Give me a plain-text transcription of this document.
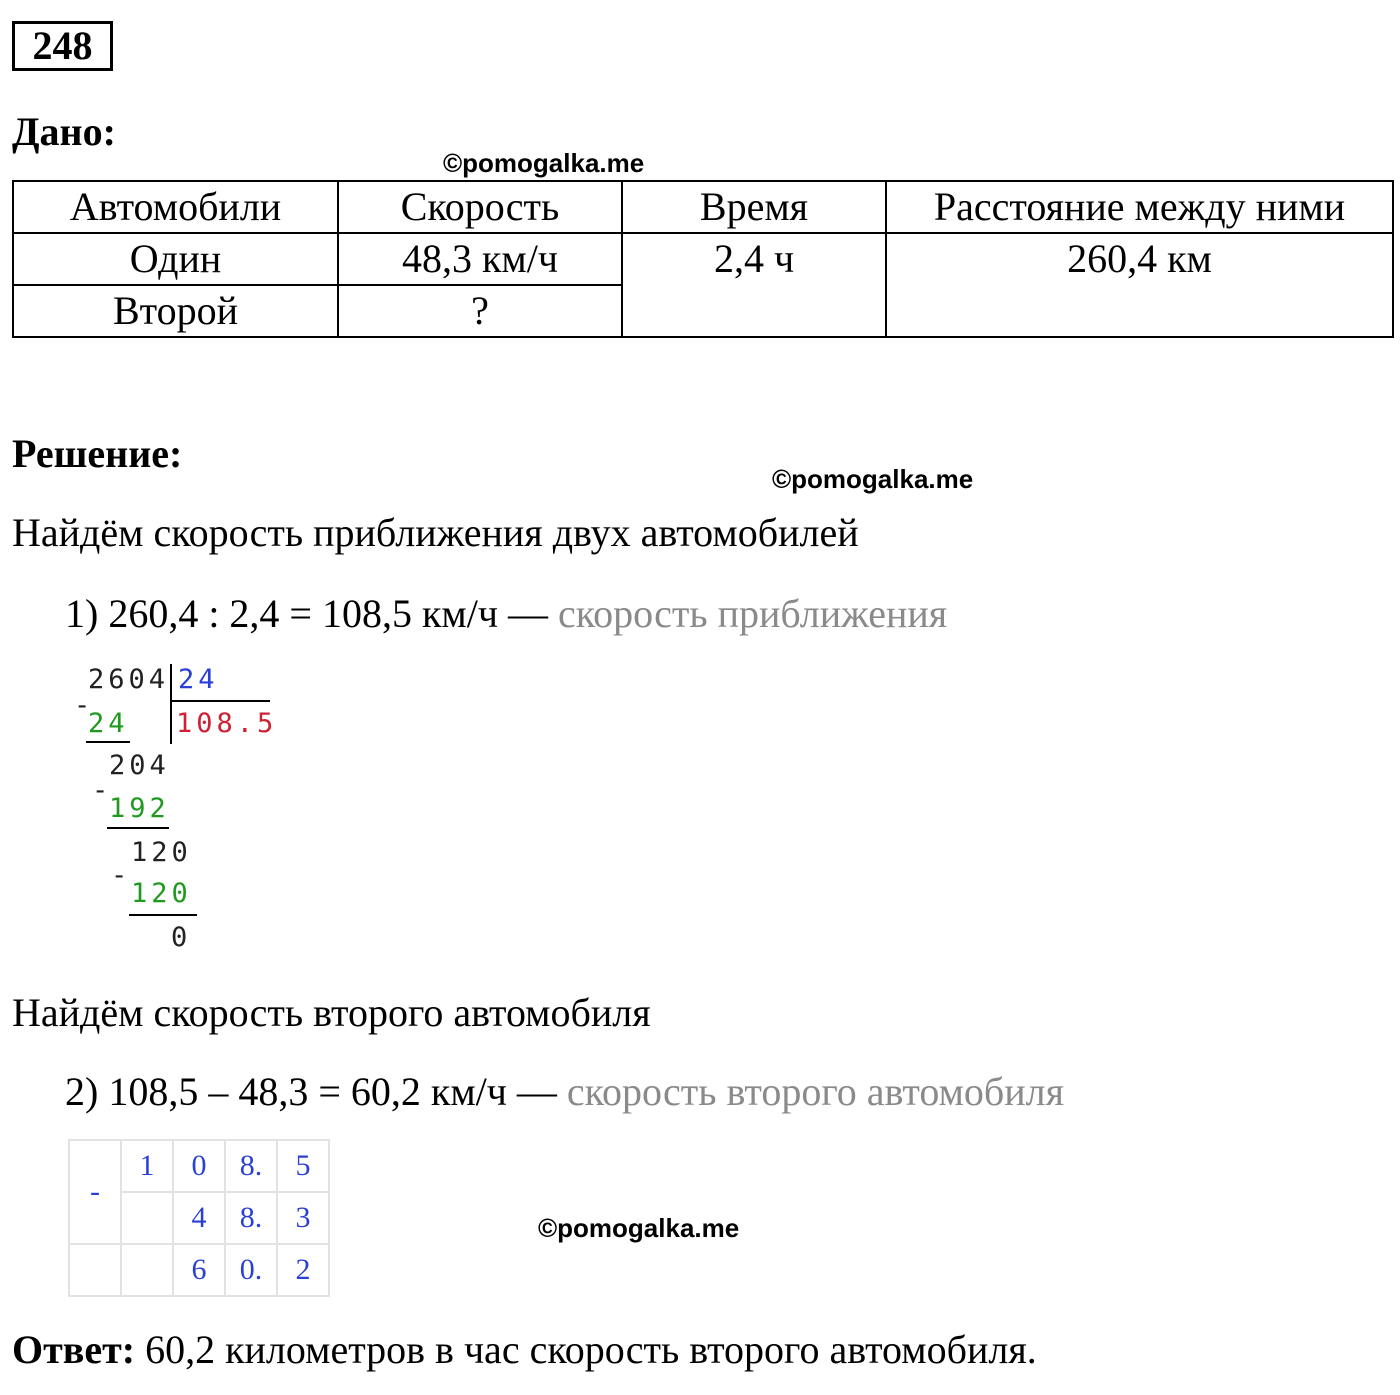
248
Дано:
©pomogalka.me
Автомобили	Скорость	Время	Расстояние между ними
Один	48,3 км/ч	2,4 ч	260,4 км
Второй	?		
Решение:
©pomogalka.me
Найдём скорость приближения двух автомобилей
1) 260,4 : 2,4 = 108,5 км/ч — скорость приближения
2604 24
108.5
-
24
204
-
192
120
-
120
0
Найдём скорость второго автомобиля
2) 108,5 – 48,3 = 60,2 км/ч — скорость второго автомобиля
-	1	0	8.	5
		4	8.	3
		6	0.	2
©pomogalka.me
Ответ: 60,2 километров в час скорость второго автомобиля.
